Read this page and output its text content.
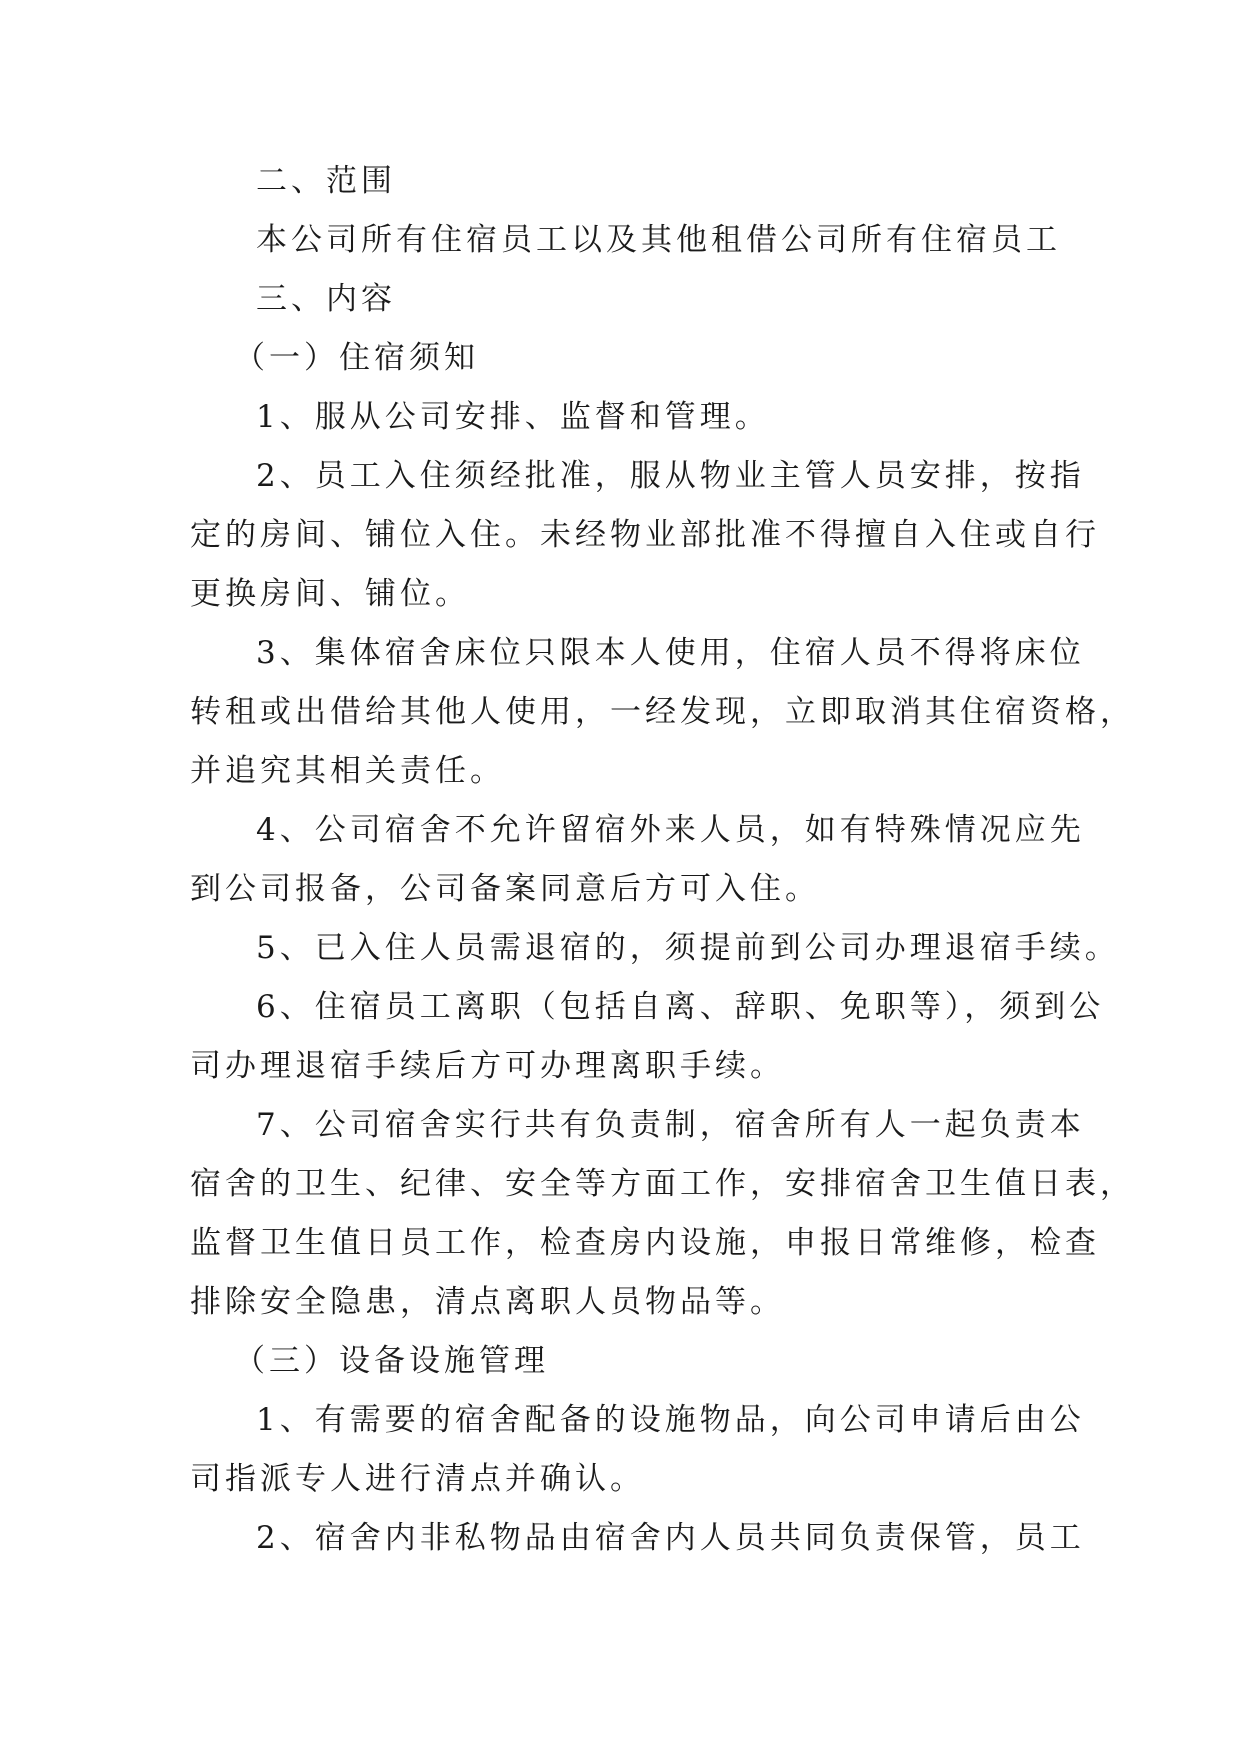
二、范围
本公司所有住宿员工以及其他租借公司所有住宿员工
三、内容
（一）住宿须知
1、服从公司安排、监督和管理。
2、员工入住须经批准，服从物业主管人员安排，按指
定的房间、铺位入住。未经物业部批准不得擅自入住或自行
更换房间、铺位。
3、集体宿舍床位只限本人使用，住宿人员不得将床位
转租或出借给其他人使用，一经发现，立即取消其住宿资格，
并追究其相关责任。
4、公司宿舍不允许留宿外来人员，如有特殊情况应先
到公司报备，公司备案同意后方可入住。
5、已入住人员需退宿的，须提前到公司办理退宿手续。
6、住宿员工离职（包括自离、辞职、免职等），须到公
司办理退宿手续后方可办理离职手续。
7、公司宿舍实行共有负责制，宿舍所有人一起负责本
宿舍的卫生、纪律、安全等方面工作，安排宿舍卫生值日表，
监督卫生值日员工作，检查房内设施，申报日常维修，检查
排除安全隐患，清点离职人员物品等。
（三）设备设施管理
1、有需要的宿舍配备的设施物品，向公司申请后由公
司指派专人进行清点并确认。
2、宿舍内非私物品由宿舍内人员共同负责保管，员工
